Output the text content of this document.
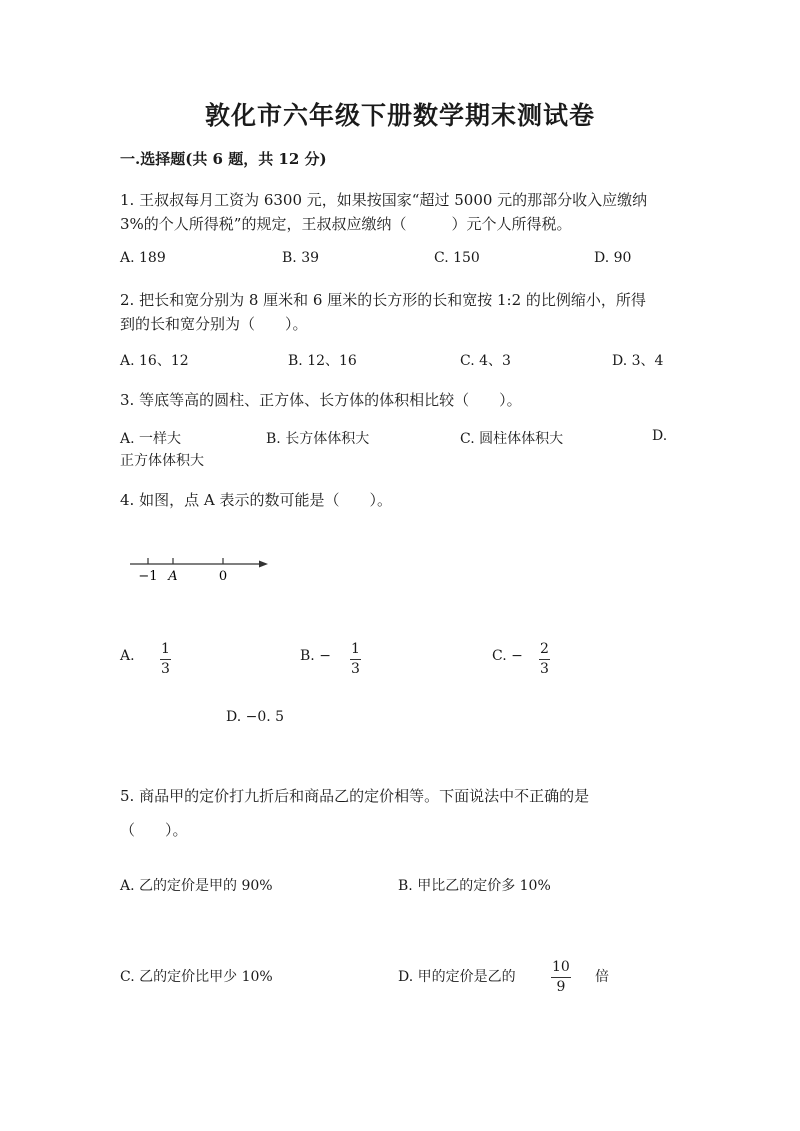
敦化市六年级下册数学期末测试卷
一.选择题(共 6 题，共 12 分)
1. 王叔叔每月工资为 6300 元，如果按国家“超过 5000 元的那部分收入应缴纳
3%的个人所得税”的规定，王叔叔应缴纳（　　　）元个人所得税。
A. 189	B. 39	C. 150	D. 90
2. 把长和宽分别为 8 厘米和 6 厘米的长方形的长和宽按 1:2 的比例缩小，所得
到的长和宽分别为（　　）。
A. 16、12	B. 12、16	C. 4、3	D. 3、4
3. 等底等高的圆柱、正方体、长方体的体积相比较（　　）。
A. 一样大	B. 长方体体积大	C. 圆柱体体积大	D.
正方体体积大
4. 如图，点 A 表示的数可能是（　　）。
−1 A	0
A. 1
3
B. − 1
3
C. − 2
3
D. −0. 5
5. 商品甲的定价打九折后和商品乙的定价相等。下面说法中不正确的是
（　　）。
A. 乙的定价是甲的 90%	B. 甲比乙的定价多 10%
C. 乙的定价比甲少 10%	D. 甲的定价是乙的
10
9
倍
